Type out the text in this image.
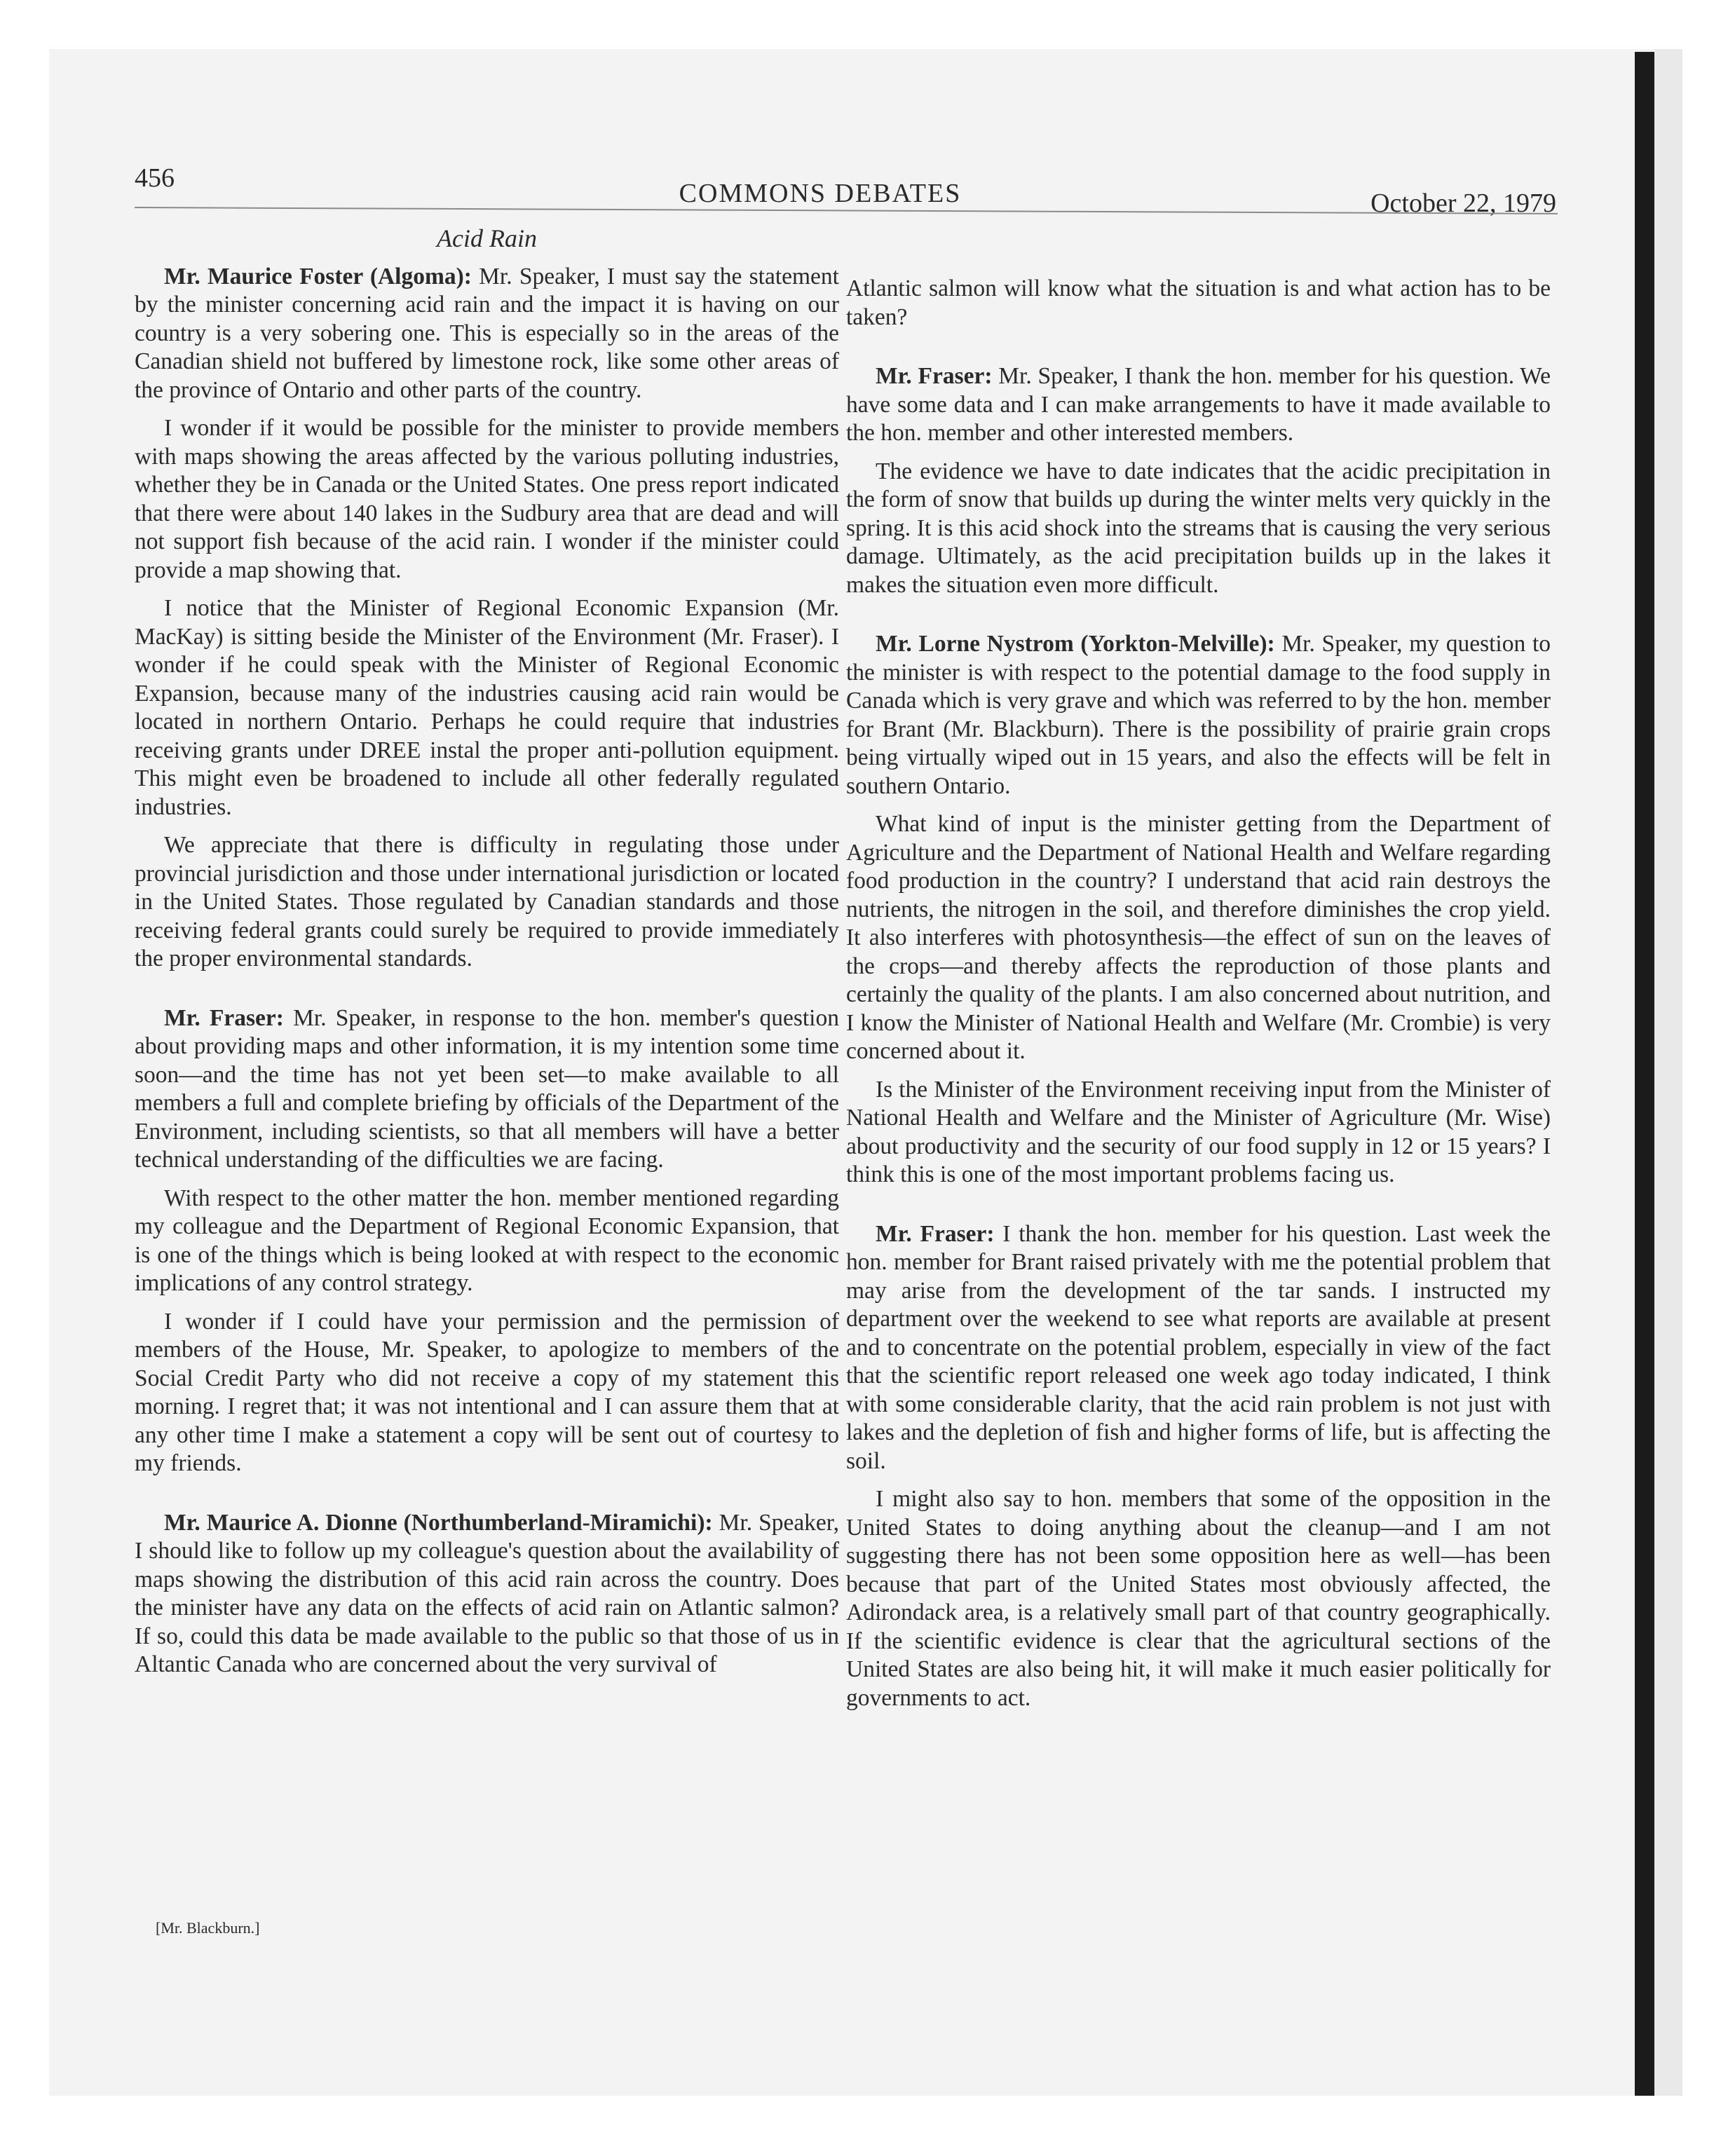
456
COMMONS DEBATES	October 22, 1979

Acid Rain

Mr. Maurice Foster (Algoma): Mr. Speaker, I must say the statement by the minister concerning acid rain and the impact it is having on our country is a very sobering one. This is especially so in the areas of the Canadian shield not buffered by limestone rock, like some other areas of the province of Ontario and other parts of the country.

I wonder if it would be possible for the minister to provide members with maps showing the areas affected by the various polluting industries, whether they be in Canada or the United States. One press report indicated that there were about 140 lakes in the Sudbury area that are dead and will not support fish because of the acid rain. I wonder if the minister could provide a map showing that.

I notice that the Minister of Regional Economic Expansion (Mr. MacKay) is sitting beside the Minister of the Environment (Mr. Fraser). I wonder if he could speak with the Minister of Regional Economic Expansion, because many of the industries causing acid rain would be located in northern Ontario. Perhaps he could require that industries receiving grants under DREE instal the proper anti-pollution equipment. This might even be broadened to include all other federally regulated industries.

We appreciate that there is difficulty in regulating those under provincial jurisdiction and those under international jurisdiction or located in the United States. Those regulated by Canadian standards and those receiving federal grants could surely be required to provide immediately the proper environmental standards.

Mr. Fraser: Mr. Speaker, in response to the hon. member's question about providing maps and other information, it is my intention some time soon—and the time has not yet been set—to make available to all members a full and complete briefing by officials of the Department of the Environment, including scientists, so that all members will have a better technical understanding of the difficulties we are facing.

With respect to the other matter the hon. member mentioned regarding my colleague and the Department of Regional Economic Expansion, that is one of the things which is being looked at with respect to the economic implications of any control strategy.

I wonder if I could have your permission and the permission of members of the House, Mr. Speaker, to apologize to members of the Social Credit Party who did not receive a copy of my statement this morning. I regret that; it was not intentional and I can assure them that at any other time I make a statement a copy will be sent out of courtesy to my friends.

Mr. Maurice A. Dionne (Northumberland-Miramichi): Mr. Speaker, I should like to follow up my colleague's question about the availability of maps showing the distribution of this acid rain across the country. Does the minister have any data on the effects of acid rain on Atlantic salmon? If so, could this data be made available to the public so that those of us in Altantic Canada who are concerned about the very survival of

[Mr. Blackburn.]

Atlantic salmon will know what the situation is and what action has to be taken?

Mr. Fraser: Mr. Speaker, I thank the hon. member for his question. We have some data and I can make arrangements to have it made available to the hon. member and other interested members.

The evidence we have to date indicates that the acidic precipitation in the form of snow that builds up during the winter melts very quickly in the spring. It is this acid shock into the streams that is causing the very serious damage. Ultimately, as the acid precipitation builds up in the lakes it makes the situation even more difficult.

Mr. Lorne Nystrom (Yorkton-Melville): Mr. Speaker, my question to the minister is with respect to the potential damage to the food supply in Canada which is very grave and which was referred to by the hon. member for Brant (Mr. Blackburn). There is the possibility of prairie grain crops being virtually wiped out in 15 years, and also the effects will be felt in southern Ontario.

What kind of input is the minister getting from the Department of Agriculture and the Department of National Health and Welfare regarding food production in the country? I understand that acid rain destroys the nutrients, the nitrogen in the soil, and therefore diminishes the crop yield. It also interferes with photosynthesis—the effect of sun on the leaves of the crops—and thereby affects the reproduction of those plants and certainly the quality of the plants. I am also concerned about nutrition, and I know the Minister of National Health and Welfare (Mr. Crombie) is very concerned about it.

Is the Minister of the Environment receiving input from the Minister of National Health and Welfare and the Minister of Agriculture (Mr. Wise) about productivity and the security of our food supply in 12 or 15 years? I think this is one of the most important problems facing us.

Mr. Fraser: I thank the hon. member for his question. Last week the hon. member for Brant raised privately with me the potential problem that may arise from the development of the tar sands. I instructed my department over the weekend to see what reports are available at present and to concentrate on the potential problem, especially in view of the fact that the scientific report released one week ago today indicated, I think with some considerable clarity, that the acid rain problem is not just with lakes and the depletion of fish and higher forms of life, but is affecting the soil.

I might also say to hon. members that some of the opposition in the United States to doing anything about the cleanup—and I am not suggesting there has not been some opposition here as well—has been because that part of the United States most obviously affected, the Adirondack area, is a relatively small part of that country geographically. If the scientific evidence is clear that the agricultural sections of the United States are also being hit, it will make it much easier politically for governments to act.
